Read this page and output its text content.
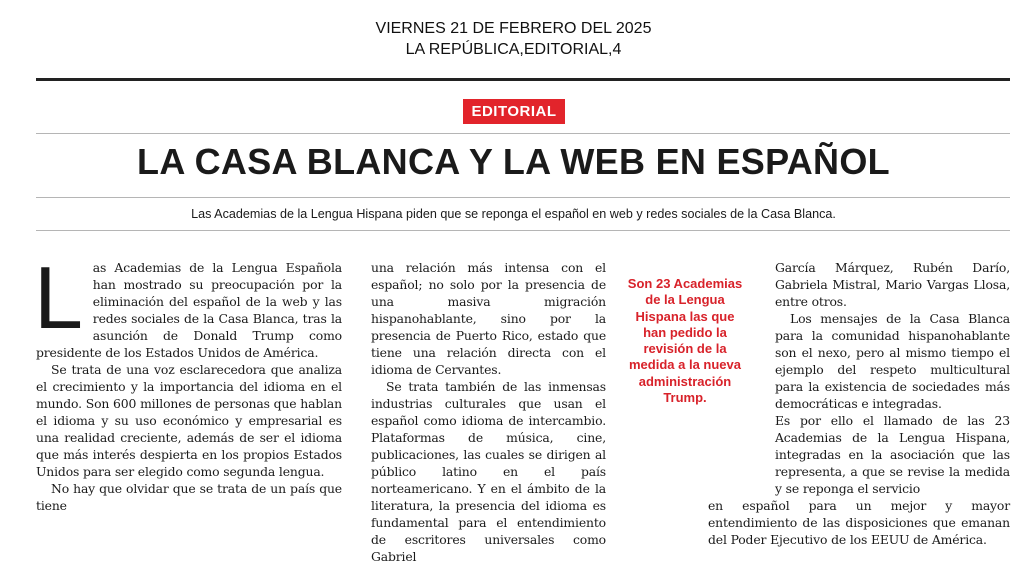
VIERNES 21 DE FEBRERO DEL 2025
LA REPÚBLICA,EDITORIAL,4
EDITORIAL
LA CASA BLANCA Y LA WEB EN ESPAÑOL
Las Academias de la Lengua Hispana piden que se reponga el español en web y redes sociales de la Casa Blanca.
L as Academias de la Lengua Española han mostrado su preocupación por la eliminación del español de la web y las redes sociales de la Casa Blanca, tras la asunción de Donald Trump como presidente de los Estados Unidos de América.

Se trata de una voz esclarecedora que analiza el crecimiento y la importancia del idioma en el mundo. Son 600 millones de personas que hablan el idioma y su uso económico y empresarial es una realidad creciente, además de ser el idioma que más interés despierta en los propios Estados Unidos para ser elegido como segunda lengua.

No hay que olvidar que se trata de un país que tiene

una relación más intensa con el español; no solo por la presencia de una masiva migración hispanohablante, sino por la presencia de Puerto Rico, estado que tiene una relación directa con el idioma de Cervantes.

Se trata también de las inmensas industrias culturales que usan el español como idioma de intercambio. Plataformas de música, cine, publicaciones, las cuales se dirigen al público latino en el país norteamericano. Y en el ámbito de la literatura, la presencia del idioma es fundamental para el entendimiento de escritores universales como Gabriel

Son 23 Academias de la Lengua Hispana las que han pedido la revisión de la medida a la nueva administración Trump.

García Márquez, Rubén Darío, Gabriela Mistral, Mario Vargas Llosa, entre otros.

Los mensajes de la Casa Blanca para la comunidad hispanohablante son el nexo, pero al mismo tiempo el ejemplo del respeto multicultural para la existencia de sociedades más democráticas e integradas.

Es por ello el llamado de las 23 Academias de la Lengua Hispana, integradas en la asociación que las representa, a que se revise la medida y se reponga el servicio

en español para un mejor y mayor entendimiento de las disposiciones que emanan del Poder Ejecutivo de los EEUU de América.
